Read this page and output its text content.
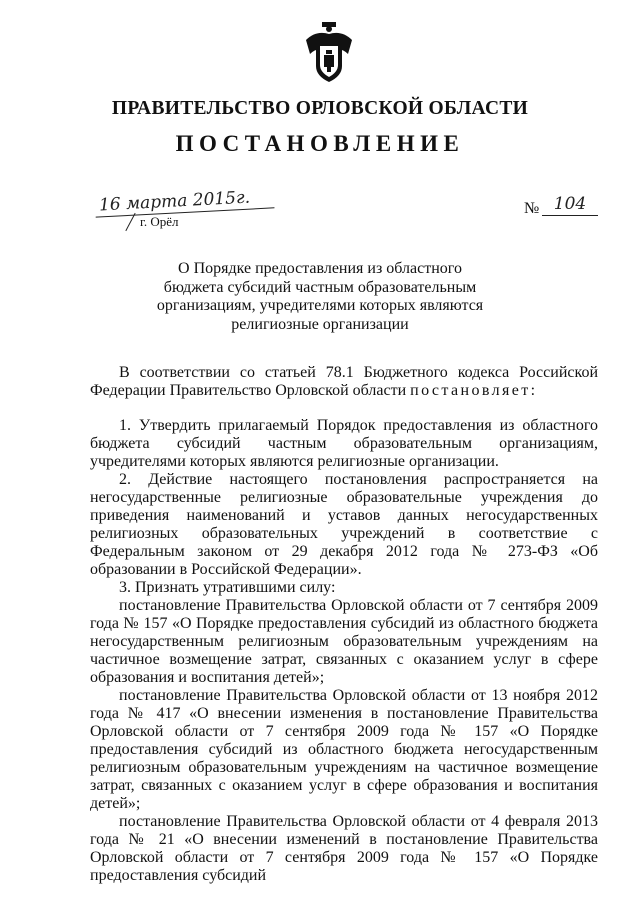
ПРАВИТЕЛЬСТВО ОРЛОВСКОЙ ОБЛАСТИ
ПОСТАНОВЛЕНИЕ
16 марта 2015г.
г. Орёл
№ 104
О Порядке предоставления из областного
бюджета субсидий частным образовательным
организациям, учредителями которых являются
религиозные организации

В соответствии со статьей 78.1 Бюджетного кодекса Российской Федерации Правительство Орловской области постановляет:

1. Утвердить прилагаемый Порядок предоставления из областного бюджета субсидий частным образовательным организациям, учредителями которых являются религиозные организации.

2. Действие настоящего постановления распространяется на негосударственные религиозные образовательные учреждения до приведения наименований и уставов данных негосударственных религиозных образовательных учреждений в соответствие с Федеральным законом от 29 декабря 2012 года № 273-ФЗ «Об образовании в Российской Федерации».

3. Признать утратившими силу:

постановление Правительства Орловской области от 7 сентября 2009 года № 157 «О Порядке предоставления субсидий из областного бюджета негосударственным религиозным образовательным учреждениям на частичное возмещение затрат, связанных с оказанием услуг в сфере образования и воспитания детей»;

постановление Правительства Орловской области от 13 ноября 2012 года № 417 «О внесении изменения в постановление Правительства Орловской области от 7 сентября 2009 года № 157 «О Порядке предоставления субсидий из областного бюджета негосударственным религиозным образовательным учреждениям на частичное возмещение затрат, связанных с оказанием услуг в сфере образования и воспитания детей»;

постановление Правительства Орловской области от 4 февраля 2013 года № 21 «О внесении изменений в постановление Правительства Орловской области от 7 сентября 2009 года № 157 «О Порядке предоставления субсидий
